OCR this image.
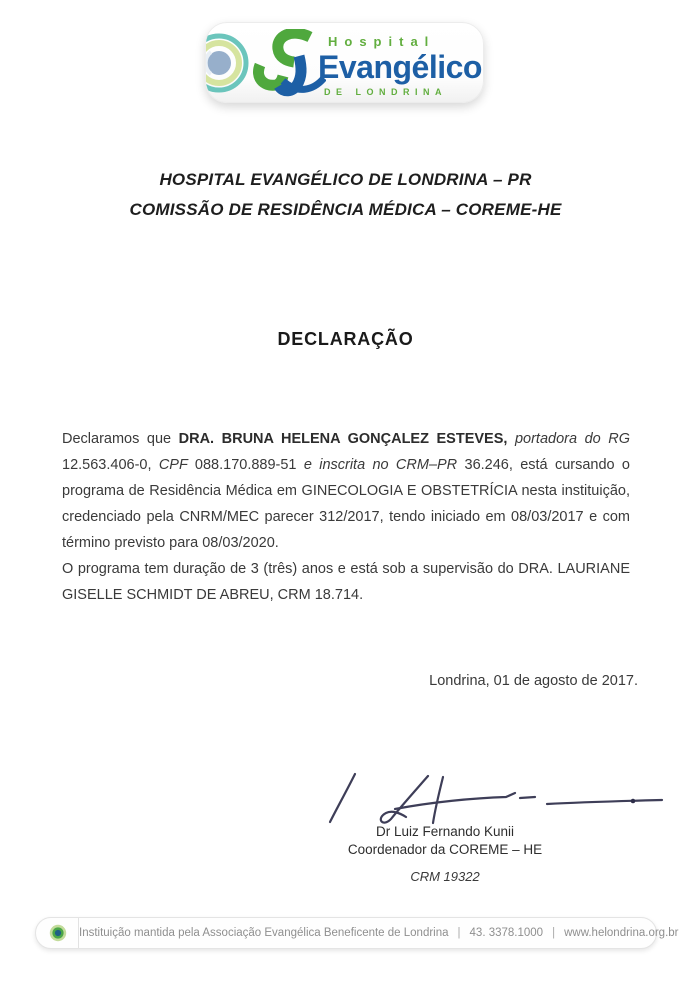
Hospital
Evangélico
DE LONDRINA
HOSPITAL EVANGÉLICO DE LONDRINA – PR
COMISSÃO DE RESIDÊNCIA MÉDICA – COREME-HE
DECLARAÇÃO

Declaramos que DRA. BRUNA HELENA GONÇALEZ ESTEVES, portadora do RG 12.563.406-0, CPF 088.170.889-51 e inscrita no CRM–PR 36.246, está cursando o programa de Residência Médica em GINECOLOGIA E OBSTETRÍCIA nesta instituição, credenciado pela CNRM/MEC parecer 312/2017, tendo iniciado em 08/03/2017 e com término previsto para 08/03/2020.

O programa tem duração de 3 (três) anos e está sob a supervisão do DRA. LAURIANE GISELLE SCHMIDT DE ABREU, CRM 18.714.

Londrina, 01 de agosto de 2017.
Dr Luiz Fernando Kunii
Coordenador da COREME – HE
CRM 19322
Instituição mantida pela Associação Evangélica Beneficente de Londrina | 43. 3378.1000 | www.helondrina.org.br
